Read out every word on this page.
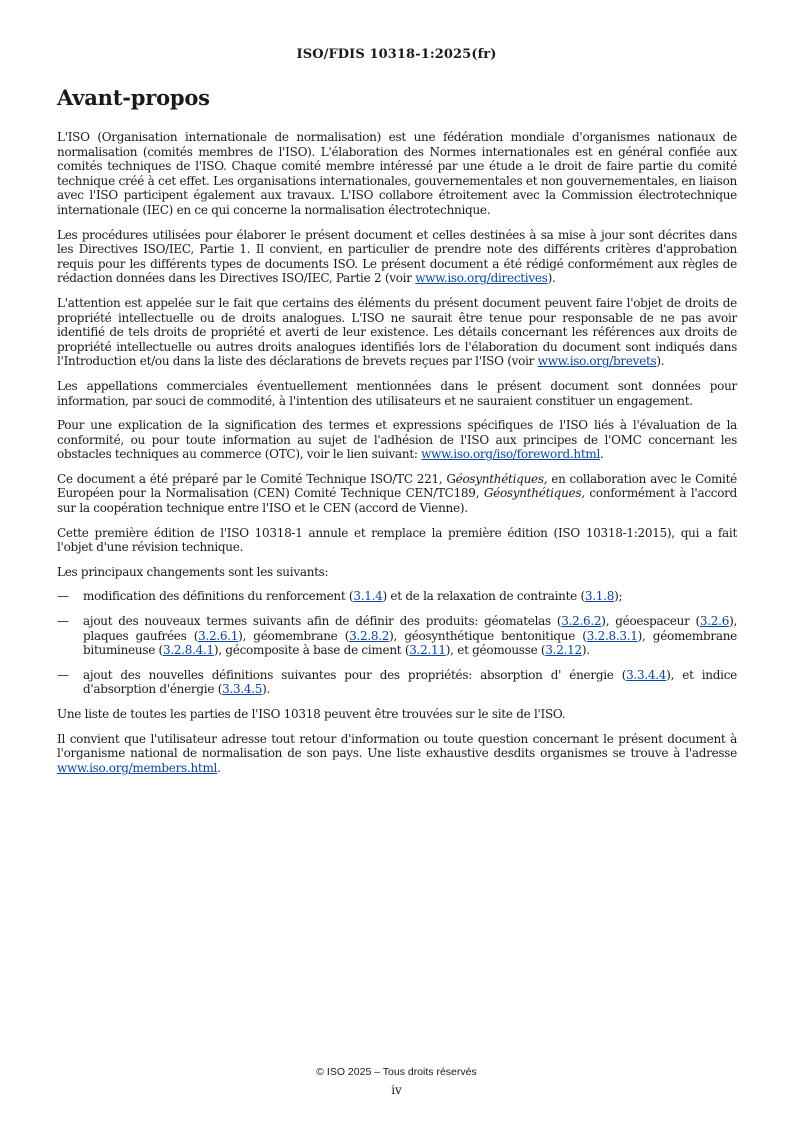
ISO/FDIS 10318-1:2025(fr)
Avant-propos

L'ISO (Organisation internationale de normalisation) est une fédération mondiale d'organismes nationaux de normalisation (comités membres de l'ISO). L'élaboration des Normes internationales est en général confiée aux comités techniques de l'ISO. Chaque comité membre intéressé par une étude a le droit de faire partie du comité technique créé à cet effet. Les organisations internationales, gouvernementales et non gouvernementales, en liaison avec l'ISO participent également aux travaux. L'ISO collabore étroitement avec la Commission électrotechnique internationale (IEC) en ce qui concerne la normalisation électrotechnique.

Les procédures utilisées pour élaborer le présent document et celles destinées à sa mise à jour sont décrites dans les Directives ISO/IEC, Partie 1. Il convient, en particulier de prendre note des différents critères d'approbation requis pour les différents types de documents ISO. Le présent document a été rédigé conformément aux règles de rédaction données dans les Directives ISO/IEC, Partie 2 (voir www.iso.org/directives).

L'attention est appelée sur le fait que certains des éléments du présent document peuvent faire l'objet de droits de propriété intellectuelle ou de droits analogues. L'ISO ne saurait être tenue pour responsable de ne pas avoir identifié de tels droits de propriété et averti de leur existence. Les détails concernant les références aux droits de propriété intellectuelle ou autres droits analogues identifiés lors de l'élaboration du document sont indiqués dans l'Introduction et/ou dans la liste des déclarations de brevets reçues par l'ISO (voir www.iso.org/brevets).

Les appellations commerciales éventuellement mentionnées dans le présent document sont données pour information, par souci de commodité, à l'intention des utilisateurs et ne sauraient constituer un engagement.

Pour une explication de la signification des termes et expressions spécifiques de l'ISO liés à l'évaluation de la conformité, ou pour toute information au sujet de l'adhésion de l'ISO aux principes de l'OMC concernant les obstacles techniques au commerce (OTC), voir le lien suivant: www.iso.org/iso/foreword.html.

Ce document a été préparé par le Comité Technique ISO/TC 221, Géosynthétiques, en collaboration avec le Comité Européen pour la Normalisation (CEN) Comité Technique CEN/TC189, Géosynthétiques, conformément à l'accord sur la coopération technique entre l'ISO et le CEN (accord de Vienne).

Cette première édition de l'ISO 10318-1 annule et remplace la première édition (ISO 10318-1:2015), qui a fait l'objet d'une révision technique.

Les principaux changements sont les suivants:

— modification des définitions du renforcement (3.1.4) et de la relaxation de contrainte (3.1.8);
— ajout des nouveaux termes suivants afin de définir des produits: géomatelas (3.2.6.2), géoespaceur (3.2.6), plaques gaufrées (3.2.6.1), géomembrane (3.2.8.2), géosynthétique bentonitique (3.2.8.3.1), géomembrane bitumineuse (3.2.8.4.1), gécomposite à base de ciment (3.2.11), et géomousse (3.2.12).
— ajout des nouvelles définitions suivantes pour des propriétés: absorption d' énergie (3.3.4.4), et indice d'absorption d'énergie (3.3.4.5).

Une liste de toutes les parties de l'ISO 10318 peuvent être trouvées sur le site de l'ISO.

Il convient que l'utilisateur adresse tout retour d'information ou toute question concernant le présent document à l'organisme national de normalisation de son pays. Une liste exhaustive desdits organismes se trouve à l'adresse www.iso.org/members.html.

© ISO 2025 – Tous droits réservés
iv
